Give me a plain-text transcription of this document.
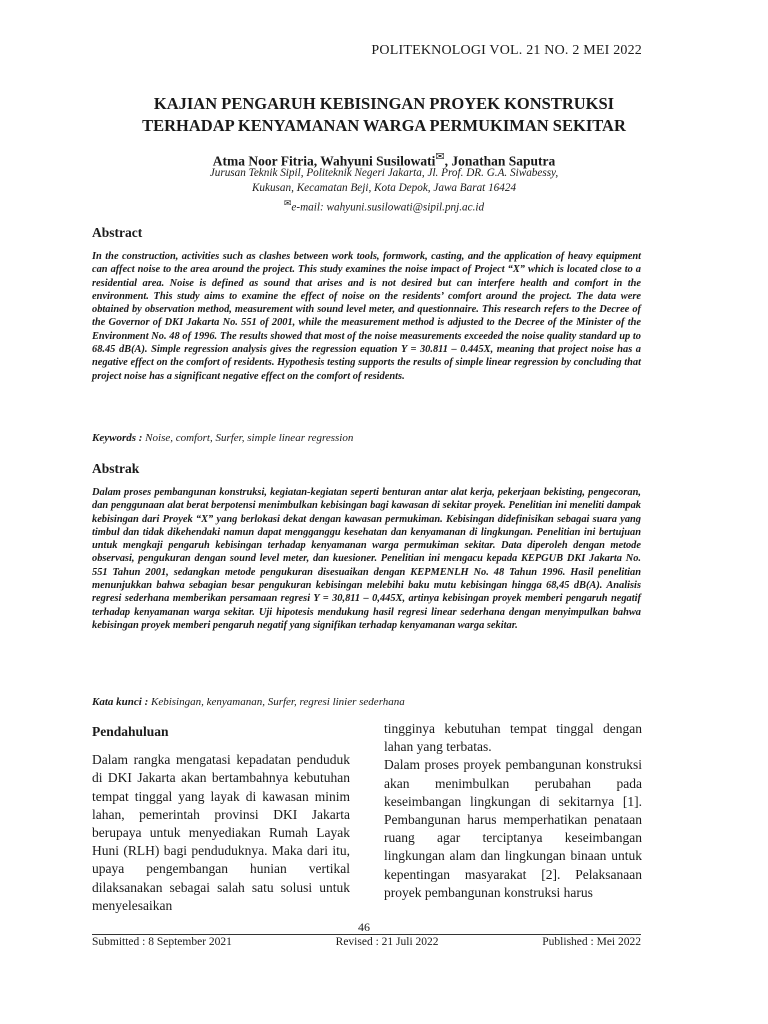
POLITEKNOLOGI VOL. 21 NO. 2 MEI 2022
KAJIAN PENGARUH KEBISINGAN PROYEK KONSTRUKSI
TERHADAP KENYAMANAN WARGA PERMUKIMAN SEKITAR
Atma Noor Fitria, Wahyuni Susilowati✉, Jonathan Saputra
Jurusan Teknik Sipil, Politeknik Negeri Jakarta, Jl. Prof. DR. G.A. Siwabessy,
Kukusan, Kecamatan Beji, Kota Depok, Jawa Barat 16424
✉e-mail: wahyuni.susilowati@sipil.pnj.ac.id
Abstract
In the construction, activities such as clashes between work tools, formwork, casting, and the application of heavy equipment can affect noise to the area around the project. This study examines the noise impact of Project “X” which is located close to a residential area. Noise is defined as sound that arises and is not desired but can interfere health and comfort in the environment. This study aims to examine the effect of noise on the residents’ comfort around the project. The data were obtained by observation method, measurement with sound level meter, and questionnaire. This research refers to the Decree of the Governor of DKI Jakarta No. 551 of 2001, while the measurement method is adjusted to the Decree of the Minister of the Environment No. 48 of 1996. The results showed that most of the noise measurements exceeded the noise quality standard up to 68.45 dB(A). Simple regression analysis gives the regression equation Y = 30.811 – 0.445X, meaning that project noise has a negative effect on the comfort of residents. Hypothesis testing supports the results of simple linear regression by concluding that project noise has a significant negative effect on the comfort of residents.
Keywords : Noise, comfort, Surfer, simple linear regression
Abstrak
Dalam proses pembangunan konstruksi, kegiatan-kegiatan seperti benturan antar alat kerja, pekerjaan bekisting, pengecoran, dan penggunaan alat berat berpotensi menimbulkan kebisingan bagi kawasan di sekitar proyek. Penelitian ini meneliti dampak kebisingan dari Proyek “X” yang berlokasi dekat dengan kawasan permukiman. Kebisingan didefinisikan sebagai suara yang timbul dan tidak dikehendaki namun dapat mengganggu kesehatan dan kenyamanan di lingkungan. Penelitian ini bertujuan untuk mengkaji pengaruh kebisingan terhadap kenyamanan warga permukiman sekitar. Data diperoleh dengan metode observasi, pengukuran dengan sound level meter, dan kuesioner. Penelitian ini mengacu kepada KEPGUB DKI Jakarta No. 551 Tahun 2001, sedangkan metode pengukuran disesuaikan dengan KEPMENLH No. 48 Tahun 1996. Hasil penelitian menunjukkan bahwa sebagian besar pengukuran kebisingan melebihi baku mutu kebisingan hingga 68,45 dB(A). Analisis regresi sederhana memberikan persamaan regresi Y = 30,811 – 0,445X, artinya kebisingan proyek memberi pengaruh negatif terhadap kenyamanan warga sekitar. Uji hipotesis mendukung hasil regresi linear sederhana dengan menyimpulkan bahwa kebisingan proyek memberi pengaruh negatif yang signifikan terhadap kenyamanan warga sekitar.
Kata kunci : Kebisingan, kenyamanan, Surfer, regresi linier sederhana
Pendahuluan

Dalam rangka mengatasi kepadatan penduduk di DKI Jakarta akan bertambahnya kebutuhan tempat tinggal yang layak di kawasan minim lahan, pemerintah provinsi DKI Jakarta berupaya untuk menyediakan Rumah Layak Huni (RLH) bagi penduduknya. Maka dari itu, upaya pengembangan hunian vertikal dilaksanakan sebagai salah satu solusi untuk menyelesaikan

tingginya kebutuhan tempat tinggal dengan lahan yang terbatas.

Dalam proses proyek pembangunan konstruksi akan menimbulkan perubahan pada keseimbangan lingkungan di sekitarnya [1]. Pembangunan harus memperhatikan penataan ruang agar terciptanya keseimbangan lingkungan alam dan lingkungan binaan untuk kepentingan masyarakat [2]. Pelaksanaan proyek pembangunan konstruksi harus

46
Submitted : 8 September 2021	Revised : 21 Juli 2022	Published : Mei 2022
